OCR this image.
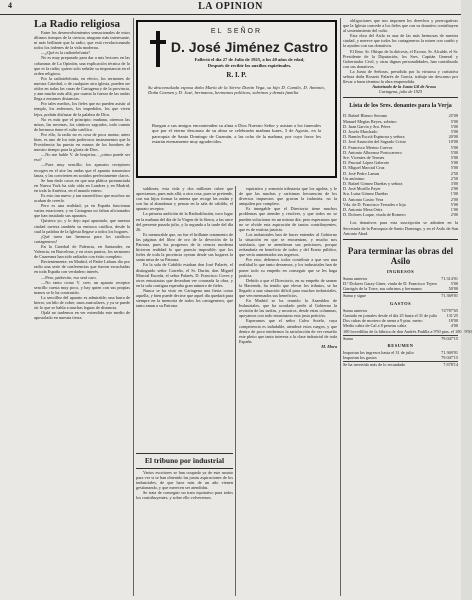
4	LA OPINION

La Radio religiosa

Entre los desenvolvimientos sensacionales de estos últimos tiempos de la ciencia, ninguno más interesante, ni más brillante que la radio, que está revolucionando todos los órdenes de la vida moderna.

—¿Qué es la radiotelefonía?

No es muy preparado para dar a mis lectores en las columnas de La Opinión, una explicación técnica de lo que es la radio; quiero solo señalar su importancia en el orden religioso.

Por la radiotelefonía, en efecto, los sermones de nuestra Catedral, o de cualquier otra iglesia, pueden ser oídos en todas las casas de Cartagena y de la provincia, y aun mucho más allá, por cuanto la fuerza de las ondas llega a enormes distancias.

Por tales medios, los fieles que no pueden asistir al templo, los enfermos, los impedidos, los que viven lejos, podrán disfrutar de la palabra de Dios.

No es más que el principio; mañana, oiremos las misas, las novenas, los cánticos sagrados, todo cuanto de hermoso tiene el culto católico.

Por ello, la radio no es cosa de poca monta; antes bien, es uno de los más poderosos instrumentos que la Providencia ha puesto en manos de los hombres de nuestro tiempo para la gloria de Dios.

—No me hable V. de brujerías... ¿cómo puede ser eso?

—Pues muy sencillo; los aparatos receptores recogen en el aire las ondas que el aparato transmisor lanza, y las convierten en sonidos perfectamente claros.

Se han dado casos en que una plática pronunciada en Nueva York ha sido oída en Londres y en Madrid, en toda la América, en el mundo entero.

Es esto tan nuevo y tan maravilloso que muchos no acaban de creerlo.

Pero es una realidad; ya en España funcionan varias estaciones; y en Cartagena no faltan aficionados que han instalado sus aparatos.

Quisiera yo, y lo dejo aquí apuntado, que nuestra ciudad tuviera también su emisora católica, desde la cual la palabra de la Iglesia llegase a todos los hogares.

¡Qué tarea tan hermosa para los católicos cartageneros!

En la Catedral de Palencia, en Santander, en Valencia, en Barcelona, y en otros puntos, los sermones de Cuaresma han sido radiados con éxito completo.

Recientemente, en Madrid, el Padre Laburu dio por radio una serie de conferencias que fueron escuchadas en toda España con verdadero interés.

—Pero, padrecito, eso será caro.

—No tanto como V. cree; un aparato receptor sencillo cuesta muy poco, y hay quien con sus propias manos se lo ha construido.

La sencillez del aparato es admirable; una barra de hierro, un hilo de cobre, unos auriculares, y ya se puede oír lo que se habla a muchas leguas de distancia.

Ojalá no tardemos en ver extendido este medio de apostolado en nuestra tierra.

EL SEÑOR
D. José Jiménez Castro
Falleció el día 27 de Julio de 1925, a los 40 años de edad,
Después de recibir los auxilios espirituales.
R. I. P.
Su desconsolada esposa doña María de la Sierra Durán Vega, su hijo D. Camilo, D. Antonio, Doña Carmen y D. José, hermanos, hermanos políticos, sobrinos y demás familia
Ruegan a sus amigos encomienden su alma a Dios Nuestro Señor y asistan a los funerales que por el eterno descanso de su alma se celebrarán mañana lunes, 3 de Agosto, en la parroquia de Santa Domingo de Guzmán, a las ocho de la mañana, por cuyo favor les estarán eternamente muy agradecidos.

sublimes, esta vida y dos millones cubre que apreciamos, pues más allá, a otra cosa, pues se pretende, con sus hijos formar la antena que recoge las ondas y son las al abandonar y pensar en la sala de cabildo, el aparato receptor.

La primera audición de la Radiodifusión, tuvo lugar en la mañana del día de la Virgen de la Sierra, a las once del presente pasado julio, y la segunda a la tarde del día 26.

Es memorable que, no fue el brillante ornamento de las páginas del libro de oro de la devoción de la Patrona, pues los progresos de la ciencia moderna hicieron realidad lo que parecía imposible: que los fieles de toda la provincia oyeran desde sus hogares la santa misa de su Patrona.

En la sala de Cabildo estaban don José Palarés, el distinguido señor Carreño, el Sr. Durán, don Miguel Marcial Euceda, el señor Palarés, D. Francisco Coves y otros entusiastas que deseaban ver coronada la obra, y en la sala contigua esperaba gran número de fieles.

Nunca se ha visto en Cartagena una fiesta como aquella, y bien puede decirse que aquel día quedará para siempre en la memoria de todos los cartageneros, que tanto aman a su Patrona.

El tribuno por industrial

Varios escritores se han ocupado ya de este asunto para ver si se han obtenido las justas aspiraciones de los industriales, de que hace más de un año vienen gestionando, y que merecen ser atendidas.

Se trata de conseguir un trato equitativo para todos los contribuyentes, y sobre ello volveremos.

equitativo y armonía tributaria que los agobia, y le de que las muchas y carísimas frecuencias de los diversos impuestos que gravan la industria, no la aniquilen por completo.

Es innegable que el Directorio tiene muchos problemas que atender y resolver, y que todos no se pueden solucionar en un mismo día; pero esperamos que no se olvide esta aspiración de tantos contribuyentes, que es de estricta justicia.

Los industriales han de hacer entender al Gobierno la situación en que se encuentran, y mucho nos satisfaría, que se atendieran sus peticiones, porque redundaría en beneficio de todos y del Erario público, que vería aumentados sus ingresos.

Por esto, debemos todos contribuir a que sea una realidad lo que tanto deseamos, y los industriales han de poner todo su empeño en conseguir que se les haga justicia.

Debido a que el Directorio, en su empeño de sanear la Hacienda, ha tenido que elevar los tributos, se ha llegado a una situación difícil para muchos industriales, que ven mermados sus beneficios.

En Madrid se ha reunido la Asamblea de Industriales, que ha acordado pedir al Gobierno la revisión de las tarifas, y nosotros, desde estas columnas, apoyamos con todo entusiasmo esta justa petición.

Esperamos que el señor Calvo Sotelo, cuya competencia es indudable, atenderá estos ruegos, y que dentro de poco tendremos la satisfacción de ver resuelto este pleito que tanto interesa a la clase industrial de toda España.

M. Mora

obligaciones que nos imponen los derechos y prerrogativas que la Iglesia concede a los fieles que con su donativo contribuyen al sostenimiento del culto.

Esta obra del Asilo es una de las más hermosas de nuestra ciudad, y merece que todos los cartageneros la miren con cariño y la ayuden con sus donativos.

El Ilmo. Sr. Obispo de la diócesis, el Excmo. Sr. Alcalde, el Sr. Presidente de la Diputación, los Sres. Capitán General y Gobernador Civil, y otras dignas personalidades, han contribuido con sus donativos.

La Junta de Señoras, presidida por la virtuosa y caritativa señora doña Rosario Palarés de García, trabaja sin descanso por llevar a buen término la obra emprendida.

Autorizado de la Junta Gil de Arosa

Cartagena, julio de 1925

Lista de los Sres. donantes para la Verja
D. Rafael Blanco Serrano	25'00
Manuel Megías Reyes, sobrino	5'00
D. Juan García y Sra. Pérez	5'00
D. Josefa Marchado	5'00
D. Ramón Escriá Espinosa y señora	20'00
D. José Asunción del Sagrado Cristo	10'00
D. Francisco Merino Cuevas	5'00
D. Antonio Albornoz Portocarrero	5'00
Sre. Vicentes de Termes	5'00
D. Pascual López Galerote	5'00
D. Miguel Marcial Cruz	5'00
D. José Pedro Lamas	2'50
Un anónimo	2'50
D. Rafael Gómez Dueñas y señora	3'00
D. José Morillo Payer	2'00
Sra. Luisa Gómez Dueñas	1'00
D. Antonio Castro Vera	2'00
Vda. de D. Francisco Terrades e hija	5'00
D. Antonio Mesa Ortiz	1'00
D. Dolores Luque, viuda de Romero	2'00

Los donativos para esta suscripción se admiten en la Secretaría de la Parroquia de Santo Domingo, y en el Asilo de San Antonio Abad.

Para terminar las obras del Asilo
INGRESOS
Suma anterior	71.314'01
D.ª Dolores Garay Giner, viuda de D. Francisco Tejero	5'00
Garrigós de la Torre, sus sobrinos y hermanos	50'00
Suma y sigue	71.369'01
GASTOS
Suma anterior	74'787'65
Gastado en jornales desde el día 25 hasta el 31 de julio	131'25
Dos cubas de mortero de arena a 9 ptas. metro	18'00
Medio cahiz de Cal a 8 pesetas cahiz	4'00
100 bovedillas de la fábrica de don Andrés Padilla a 9'50 ptas. el 100 9'50
Suma	79.047'15
RESUMEN
Importan los ingresos hasta el 31 de julio	71.369'01
Importan los gastos	79.047'15
Se ha invertido más de lo recaudado	7.678'14
